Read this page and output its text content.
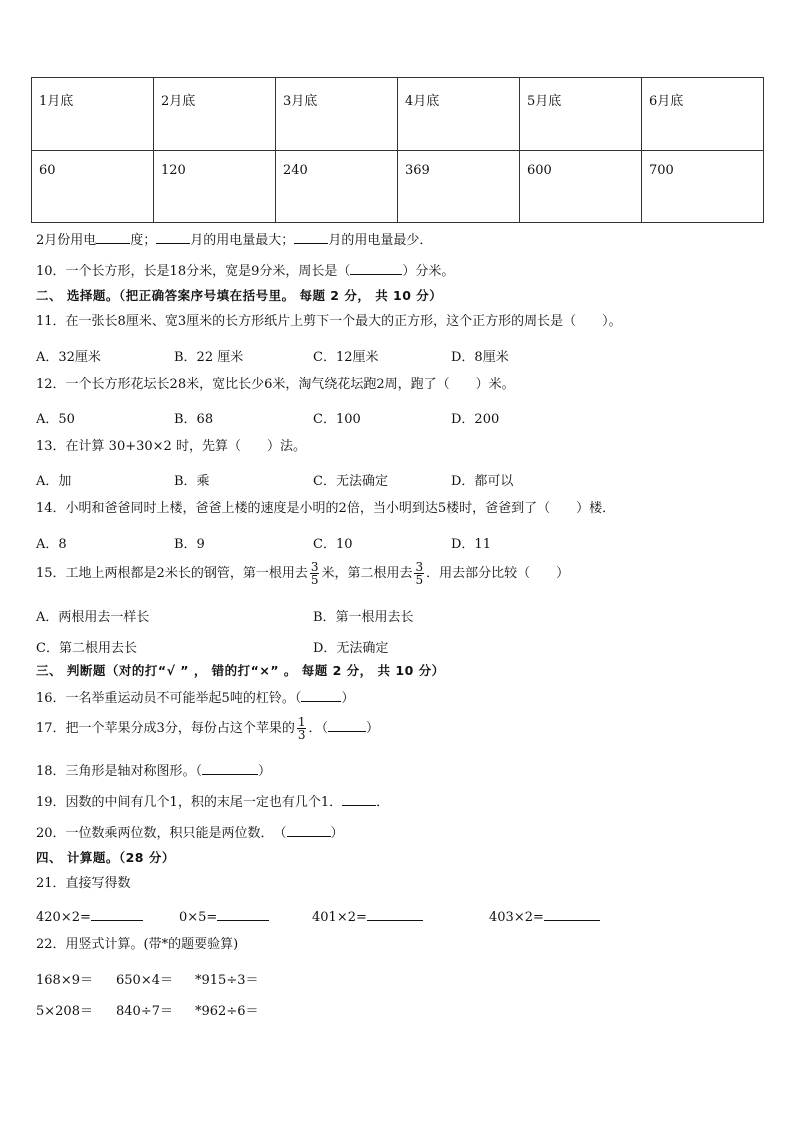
1月底	2月底	3月底	4月底	5月底	6月底
60	120	240	369	600	700
2月份用电	度；	月的用电量最大；	月的用电量最少．
10．一个长方形，长是18分米，宽是9分米，周长是（	）分米。
二、 选择题。（把正确答案序号填在括号里。 每题 2 分， 共 10 分）
11．在一张长8厘米、宽3厘米的长方形纸片上剪下一个最大的正方形，这个正方形的周长是（　　）。
A．32厘米	B．22 厘米	C．12厘米	D．8厘米
12．一个长方形花坛长28米，宽比长少6米，淘气绕花坛跑2周，跑了（　　）米。
A．50	B．68	C．100	D．200
13．在计算 30+30×2 时，先算（　　）法。
A．加	B．乘	C．无法确定	D．都可以
14．小明和爸爸同时上楼，爸爸上楼的速度是小明的2倍，当小明到达5楼时，爸爸到了（　　）楼．
A．8	B．9	C．10	D．11
15．工地上两根都是2米长的钢管，第一根用去 $\frac{3}{5}$ 米，第二根用去 $\frac{3}{5}$ ．用去部分比较（　　）
A．两根用去一样长	B．第一根用去长
C．第二根用去长	D．无法确定
三、 判断题（对的打“√ ” ， 错的打“×” 。 每题 2 分， 共 10 分）
16．一名举重运动员不可能举起5吨的杠铃。（	）
17．把一个苹果分成3分，每份占这个苹果的 $\frac{1}{3}$ ．（	）
18．三角形是轴对称图形。（	）
19．因数的中间有几个1，积的末尾一定也有几个1．	．
20．一位数乘两位数，积只能是两位数．　（	）
四、 计算题。（28 分）
21．直接写得数
420×2=	0×5=	401×2=	403×2=
22．用竖式计算。(带*的题要验算)
168×9＝ 650×4＝ *915÷3＝
5×208＝ 840÷7＝ *962÷6＝
